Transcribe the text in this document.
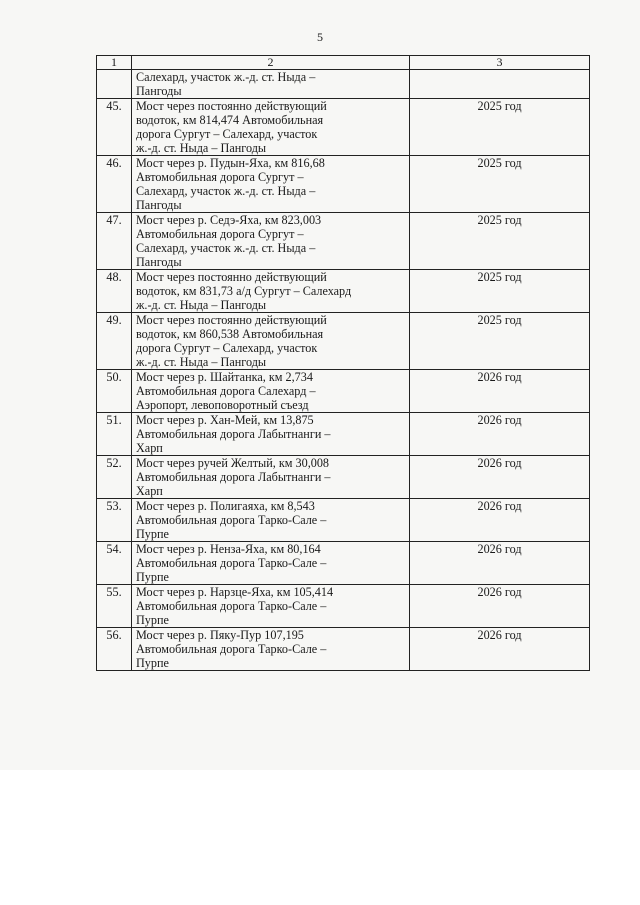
5
1	2	3

	Салехард, участок ж.-д. ст. Ныда –
Пангоды	

45.	Мост через постоянно действующий
водоток, км 814,474 Автомобильная
дорога Сургут – Салехард, участок
ж.-д. ст. Ныда – Пангоды	2025 год
46.	Мост через р. Пудын-Яха, км 816,68
Автомобильная дорога Сургут –
Салехард, участок ж.-д. ст. Ныда –
Пангоды	2025 год
47.	Мост через р. Седэ-Яха, км 823,003
Автомобильная дорога Сургут –
Салехард, участок ж.-д. ст. Ныда –
Пангоды	2025 год
48.	Мост через постоянно действующий
водоток, км 831,73 а/д Сургут – Салехард
ж.-д. ст. Ныда – Пангоды	2025 год
49.	Мост через постоянно действующий
водоток, км 860,538 Автомобильная
дорога Сургут – Салехард, участок
ж.-д. ст. Ныда – Пангоды	2025 год
50.	Мост через р. Шайтанка, км 2,734
Автомобильная дорога Салехард –
Аэропорт, левоповоротный съезд	2026 год
51.	Мост через р. Хан-Мей, км 13,875
Автомобильная дорога Лабытнанги –
Харп	2026 год
52.	Мост через ручей Желтый, км 30,008
Автомобильная дорога Лабытнанги –
Харп	2026 год
53.	Мост через р. Полигаяха, км 8,543
Автомобильная дорога Тарко-Сале –
Пурпе	2026 год
54.	Мост через р. Ненза-Яха, км 80,164
Автомобильная дорога Тарко-Сале –
Пурпе	2026 год
55.	Мост через р. Нарзце-Яха, км 105,414
Автомобильная дорога Тарко-Сале –
Пурпе	2026 год
56.	Мост через р. Пяку-Пур 107,195
Автомобильная дорога Тарко-Сале –
Пурпе	2026 год
